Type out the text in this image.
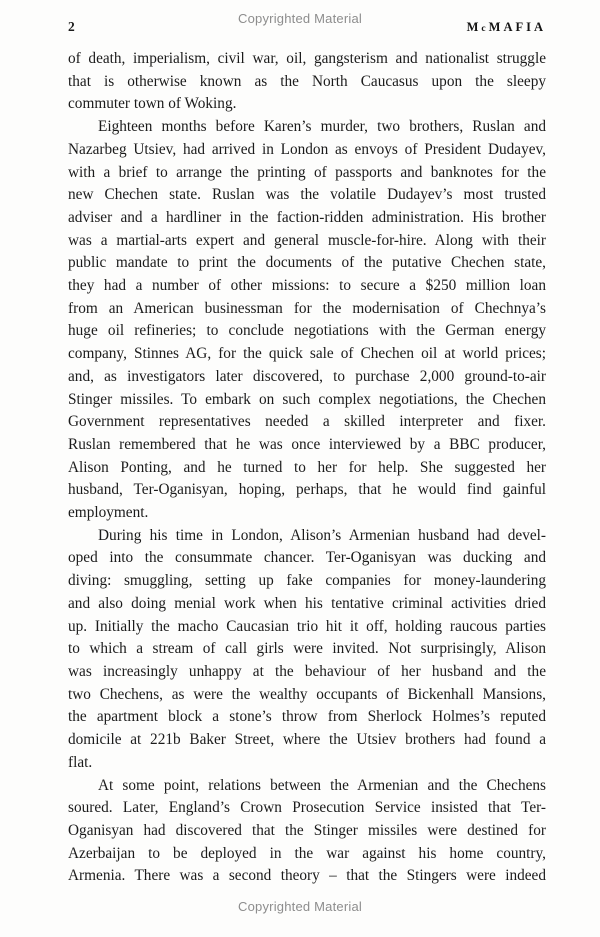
Copyrighted Material
2	McMAFIA
of death, imperialism, civil war, oil, gangsterism and nationalist struggle
that is otherwise known as the North Caucasus upon the sleepy
commuter town of Woking.
Eighteen months before Karen’s murder, two brothers, Ruslan and
Nazarbeg Utsiev, had arrived in London as envoys of President Dudayev,
with a brief to arrange the printing of passports and banknotes for the
new Chechen state. Ruslan was the volatile Dudayev’s most trusted
adviser and a hardliner in the faction-ridden administration. His brother
was a martial-arts expert and general muscle-for-hire. Along with their
public mandate to print the documents of the putative Chechen state,
they had a number of other missions: to secure a $250 million loan
from an American businessman for the modernisation of Chechnya’s
huge oil refineries; to conclude negotiations with the German energy
company, Stinnes AG, for the quick sale of Chechen oil at world prices;
and, as investigators later discovered, to purchase 2,000 ground-to-air
Stinger missiles. To embark on such complex negotiations, the Chechen
Government representatives needed a skilled interpreter and fixer.
Ruslan remembered that he was once interviewed by a BBC producer,
Alison Ponting, and he turned to her for help. She suggested her
husband, Ter-Oganisyan, hoping, perhaps, that he would find gainful
employment.
During his time in London, Alison’s Armenian husband had devel-
oped into the consummate chancer. Ter-Oganisyan was ducking and
diving: smuggling, setting up fake companies for money-laundering
and also doing menial work when his tentative criminal activities dried
up. Initially the macho Caucasian trio hit it off, holding raucous parties
to which a stream of call girls were invited. Not surprisingly, Alison
was increasingly unhappy at the behaviour of her husband and the
two Chechens, as were the wealthy occupants of Bickenhall Mansions,
the apartment block a stone’s throw from Sherlock Holmes’s reputed
domicile at 221b Baker Street, where the Utsiev brothers had found a
flat.
At some point, relations between the Armenian and the Chechens
soured. Later, England’s Crown Prosecution Service insisted that Ter-
Oganisyan had discovered that the Stinger missiles were destined for
Azerbaijan to be deployed in the war against his home country,
Armenia. There was a second theory – that the Stingers were indeed
Copyrighted Material
